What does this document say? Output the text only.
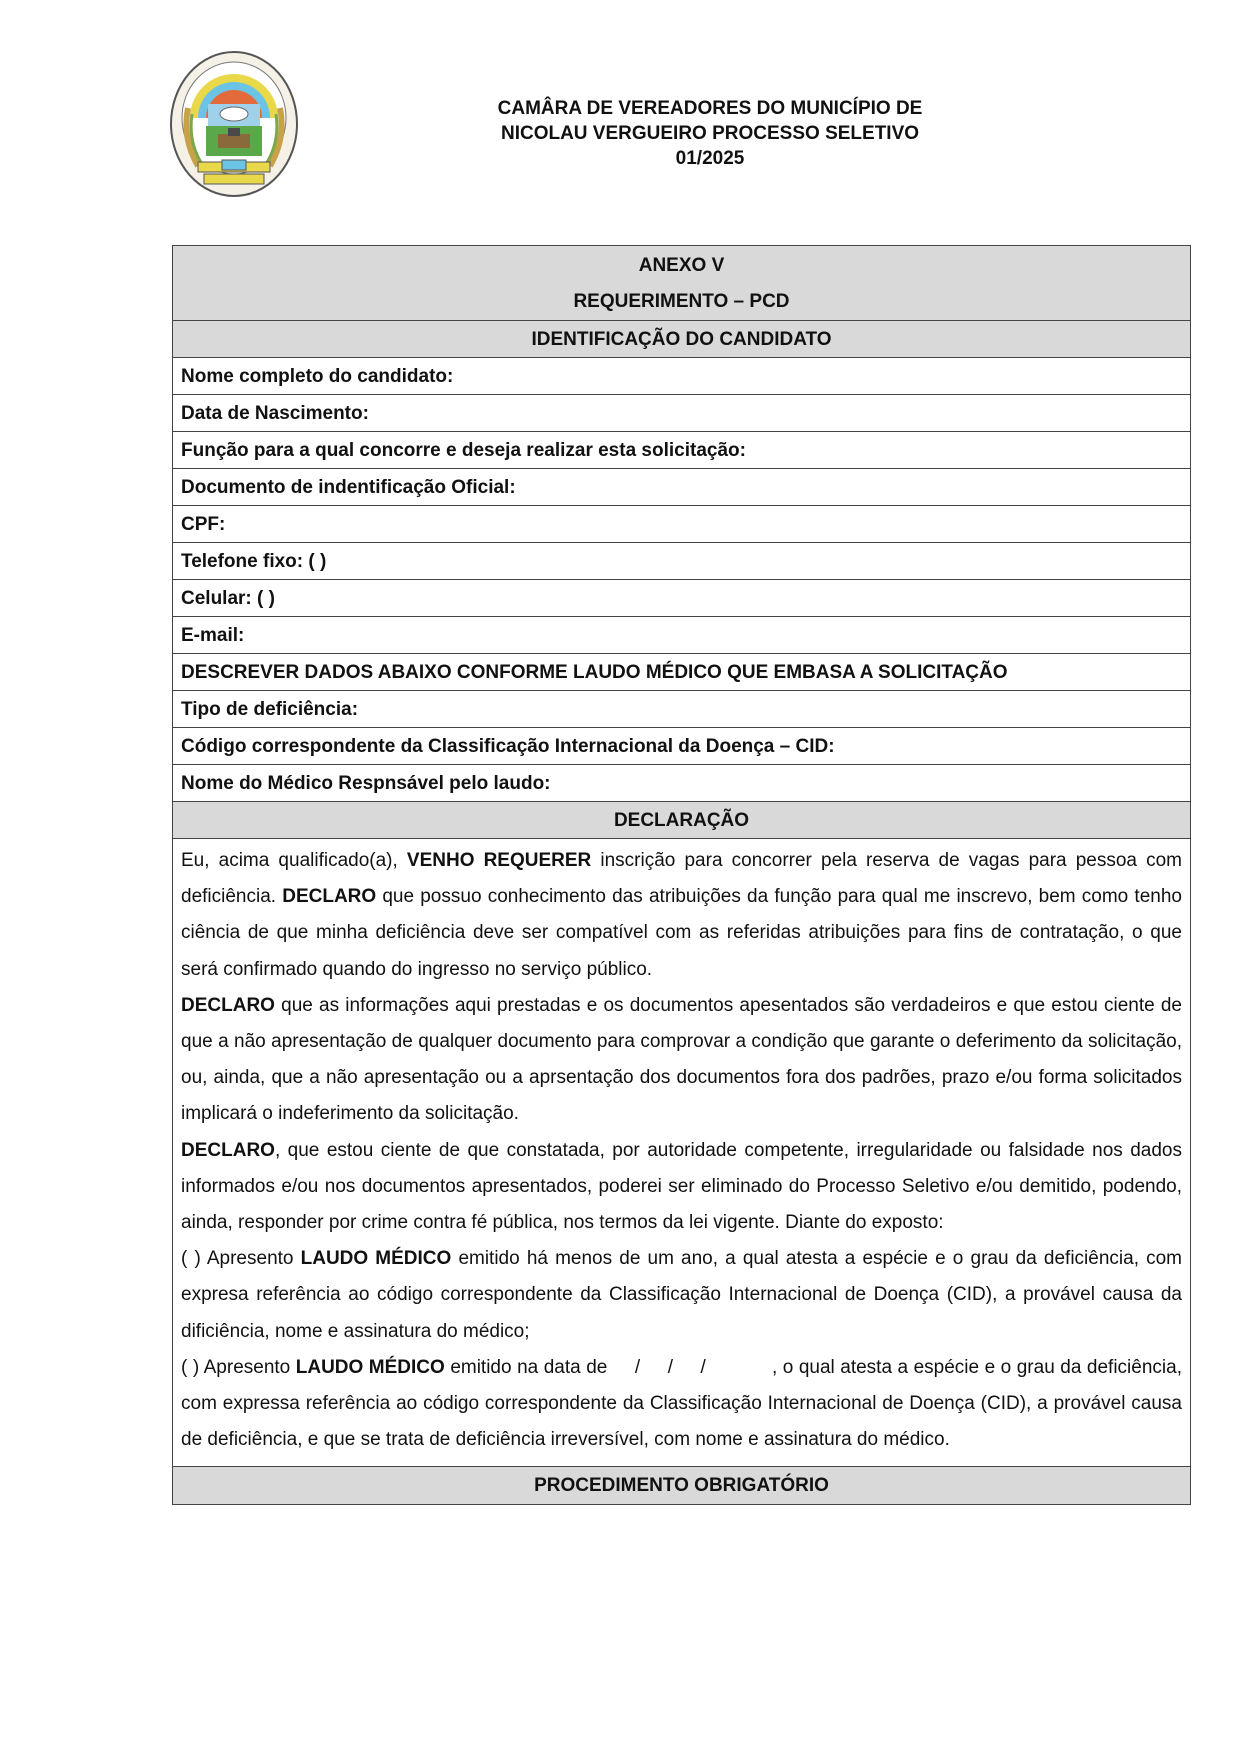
CAMÂRA DE VEREADORES DO MUNICÍPIO DE
NICOLAU VERGUEIRO PROCESSO SELETIVO
01/2025
ANEXO V
REQUERIMENTO – PCD
IDENTIFICAÇÃO DO CANDIDATO
Nome completo do candidato:
Data de Nascimento:
Função para a qual concorre e deseja realizar esta solicitação:
Documento de indentificação Oficial:
CPF:
Telefone fixo: ( )
Celular: ( )
E-mail:
DESCREVER DADOS ABAIXO CONFORME LAUDO MÉDICO QUE EMBASA A SOLICITAÇÃO
Tipo de deficiência:
Código correspondente da Classificação Internacional da Doença – CID:
Nome do Médico Respnsável pelo laudo:
DECLARAÇÃO

Eu, acima qualificado(a), VENHO REQUERER inscrição para concorrer pela reserva de vagas para pessoa com deficiência. DECLARO que possuo conhecimento das atribuições da função para qual me inscrevo, bem como tenho ciência de que minha deficiência deve ser compatível com as referidas atribuições para fins de contratação, o que será confirmado quando do ingresso no serviço público.

DECLARO que as informações aqui prestadas e os documentos apesentados são verdadeiros e que estou ciente de que a não apresentação de qualquer documento para comprovar a condição que garante o deferimento da solicitação, ou, ainda, que a não apresentação ou a aprsentação dos documentos fora dos padrões, prazo e/ou forma solicitados implicará o indeferimento da solicitação.

DECLARO, que estou ciente de que constatada, por autoridade competente, irregularidade ou falsidade nos dados informados e/ou nos documentos apresentados, poderei ser eliminado do Processo Seletivo e/ou demitido, podendo, ainda, responder por crime contra fé pública, nos termos da lei vigente. Diante do exposto:

( ) Apresento LAUDO MÉDICO emitido há menos de um ano, a qual atesta a espécie e o grau da deficiência, com expresa referência ao código correspondente da Classificação Internacional de Doença (CID), a provável causa da dificiência, nome e assinatura do médico;

( ) Apresento LAUDO MÉDICO emitido na data de /     /     /	, o qual atesta a espécie e o grau da deficiência, com expressa referência ao código correspondente da Classificação Internacional de Doença (CID), a provável causa de deficiência, e que se trata de deficiência irreversível, com nome e assinatura do médico.

PROCEDIMENTO OBRIGATÓRIO
